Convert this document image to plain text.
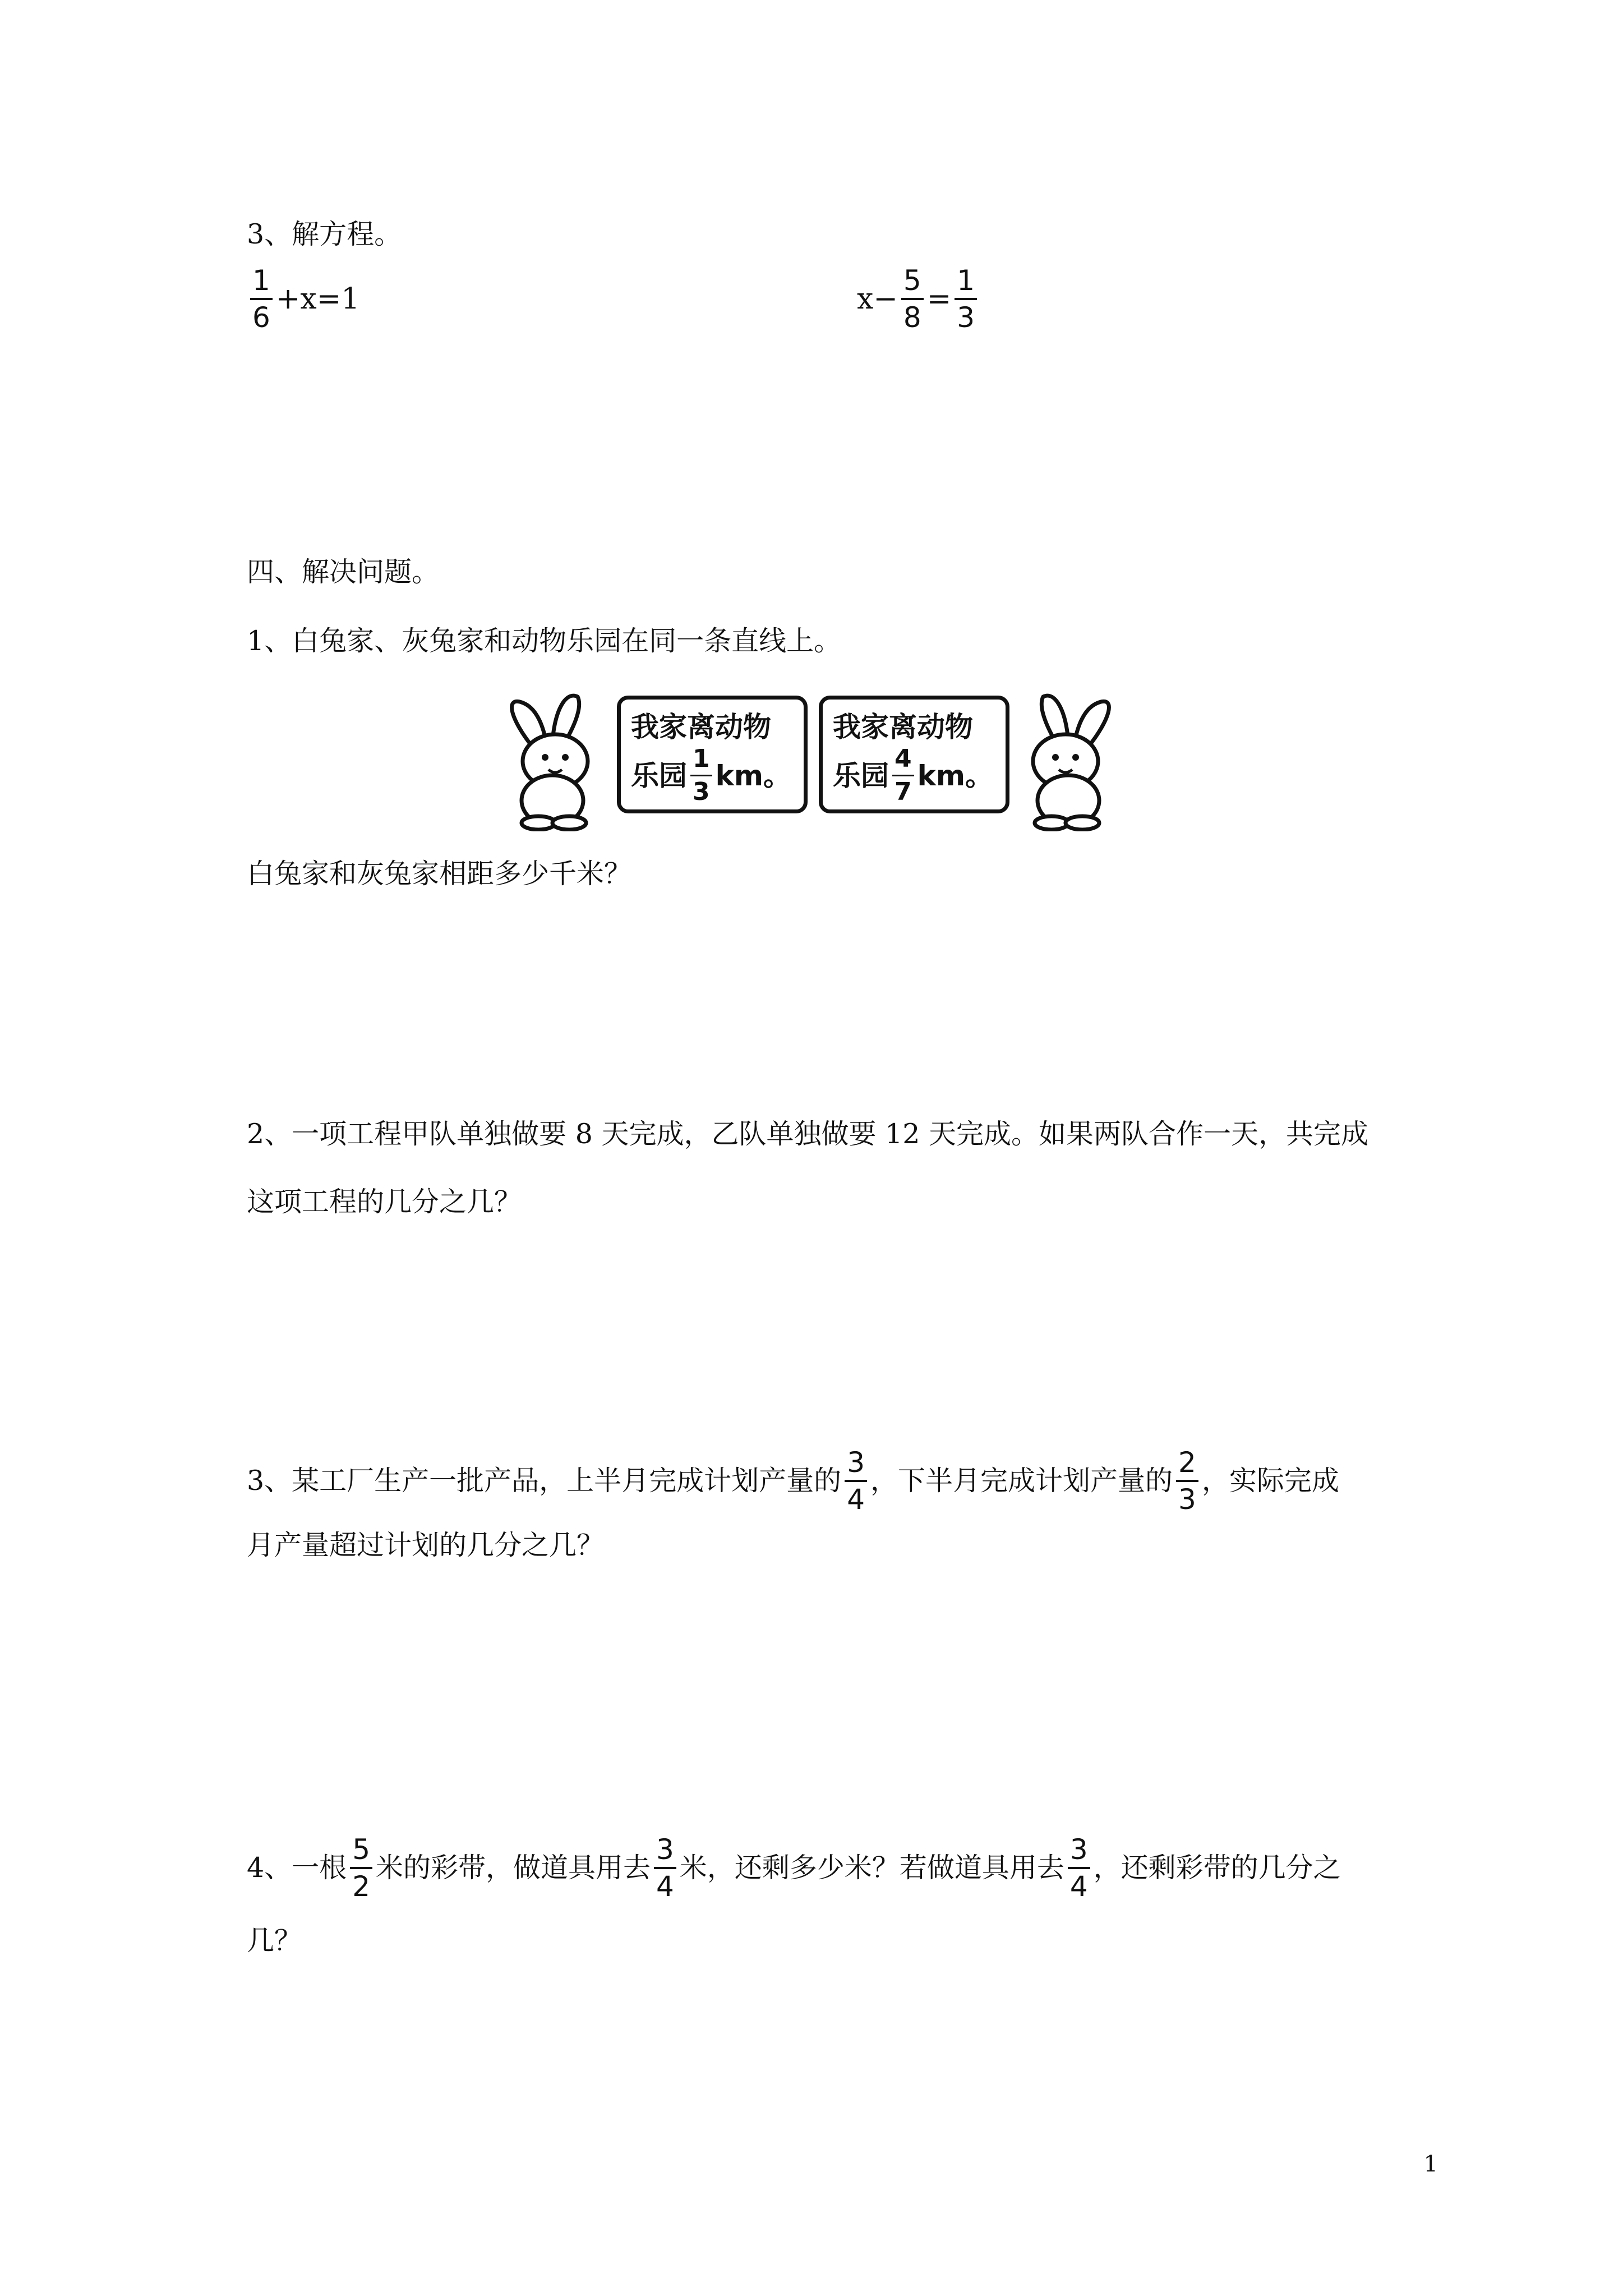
3、解方程。
$\frac{1}{6} +x=1$	$x- \frac{5}{8} = \frac{1}{3}$
四、解决问题。
1、白兔家、灰兔家和动物乐园在同一条直线上。
我家离动物
乐园 $\frac{1}{3}$ km。
我家离动物
乐园 $\frac{4}{7}$ km。
白兔家和灰兔家相距多少千米？
2、一项工程甲队单独做要 8 天完成，乙队单独做要 12 天完成。如果两队合作一天，共完成
这项工程的几分之几？
3、某工厂生产一批产品，上半月完成计划产量的 $\frac{3}{4}$ ，下半月完成计划产量的 $\frac{2}{3}$ ，实际完成
月产量超过计划的几分之几？
4、一根 $\frac{5}{2}$ 米的彩带，做道具用去 $\frac{3}{4}$ 米，还剩多少米？若做道具用去 $\frac{3}{4}$ ，还剩彩带的几分之
几？
1
